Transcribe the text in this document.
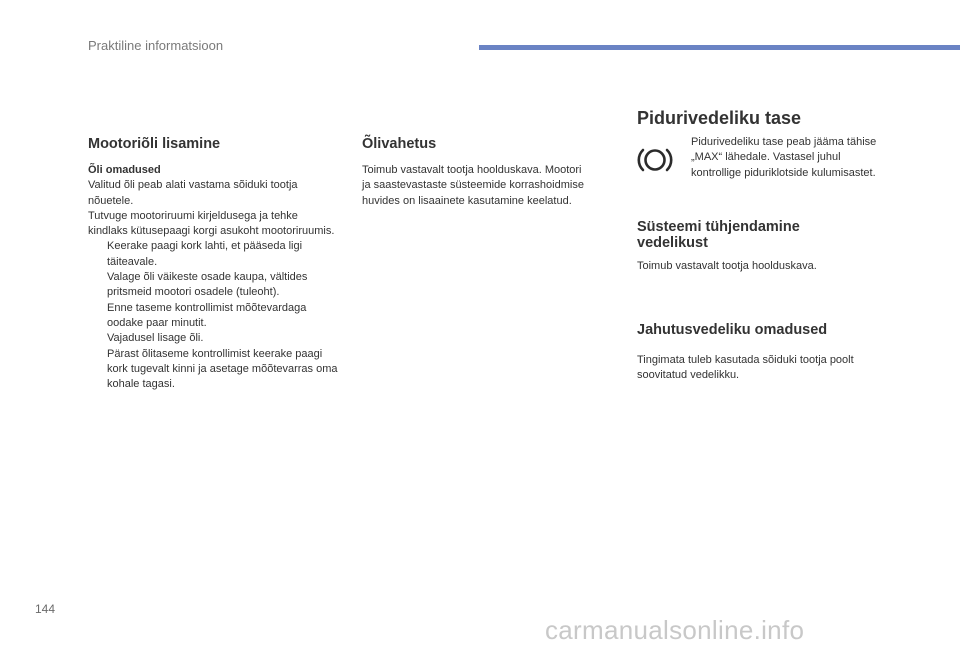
Praktiline informatsioon
Mootoriõli lisamine
Õli omadused
Valitud õli peab alati vastama sõiduki tootja nõuetele.
Tutvuge mootoriruumi kirjeldusega ja tehke kindlaks kütusepaagi korgi asukoht mootoriruumis.
Keerake paagi kork lahti, et pääseda ligi täiteavale.
Valage õli väikeste osade kaupa, vältides pritsmeid mootori osadele (tuleoht).
Enne taseme kontrollimist mõõtevardaga oodake paar minutit.
Vajadusel lisage õli.
Pärast õlitaseme kontrollimist keerake paagi kork tugevalt kinni ja asetage mõõtevarras oma kohale tagasi.
Õlivahetus
Toimub vastavalt tootja hoolduskava. Mootori ja saastevastaste süsteemide korrashoidmise huvides on lisaainete kasutamine keelatud.
Pidurivedeliku tase
Pidurivedeliku tase peab jääma tähise „MAX“ lähedale. Vastasel juhul kontrollige piduriklotside kulumisastet.
Süsteemi tühjendamine vedelikust
Toimub vastavalt tootja hoolduskava.
Jahutusvedeliku omadused
Tingimata tuleb kasutada sõiduki tootja poolt soovitatud vedelikku.
144
carmanualsonline.info
